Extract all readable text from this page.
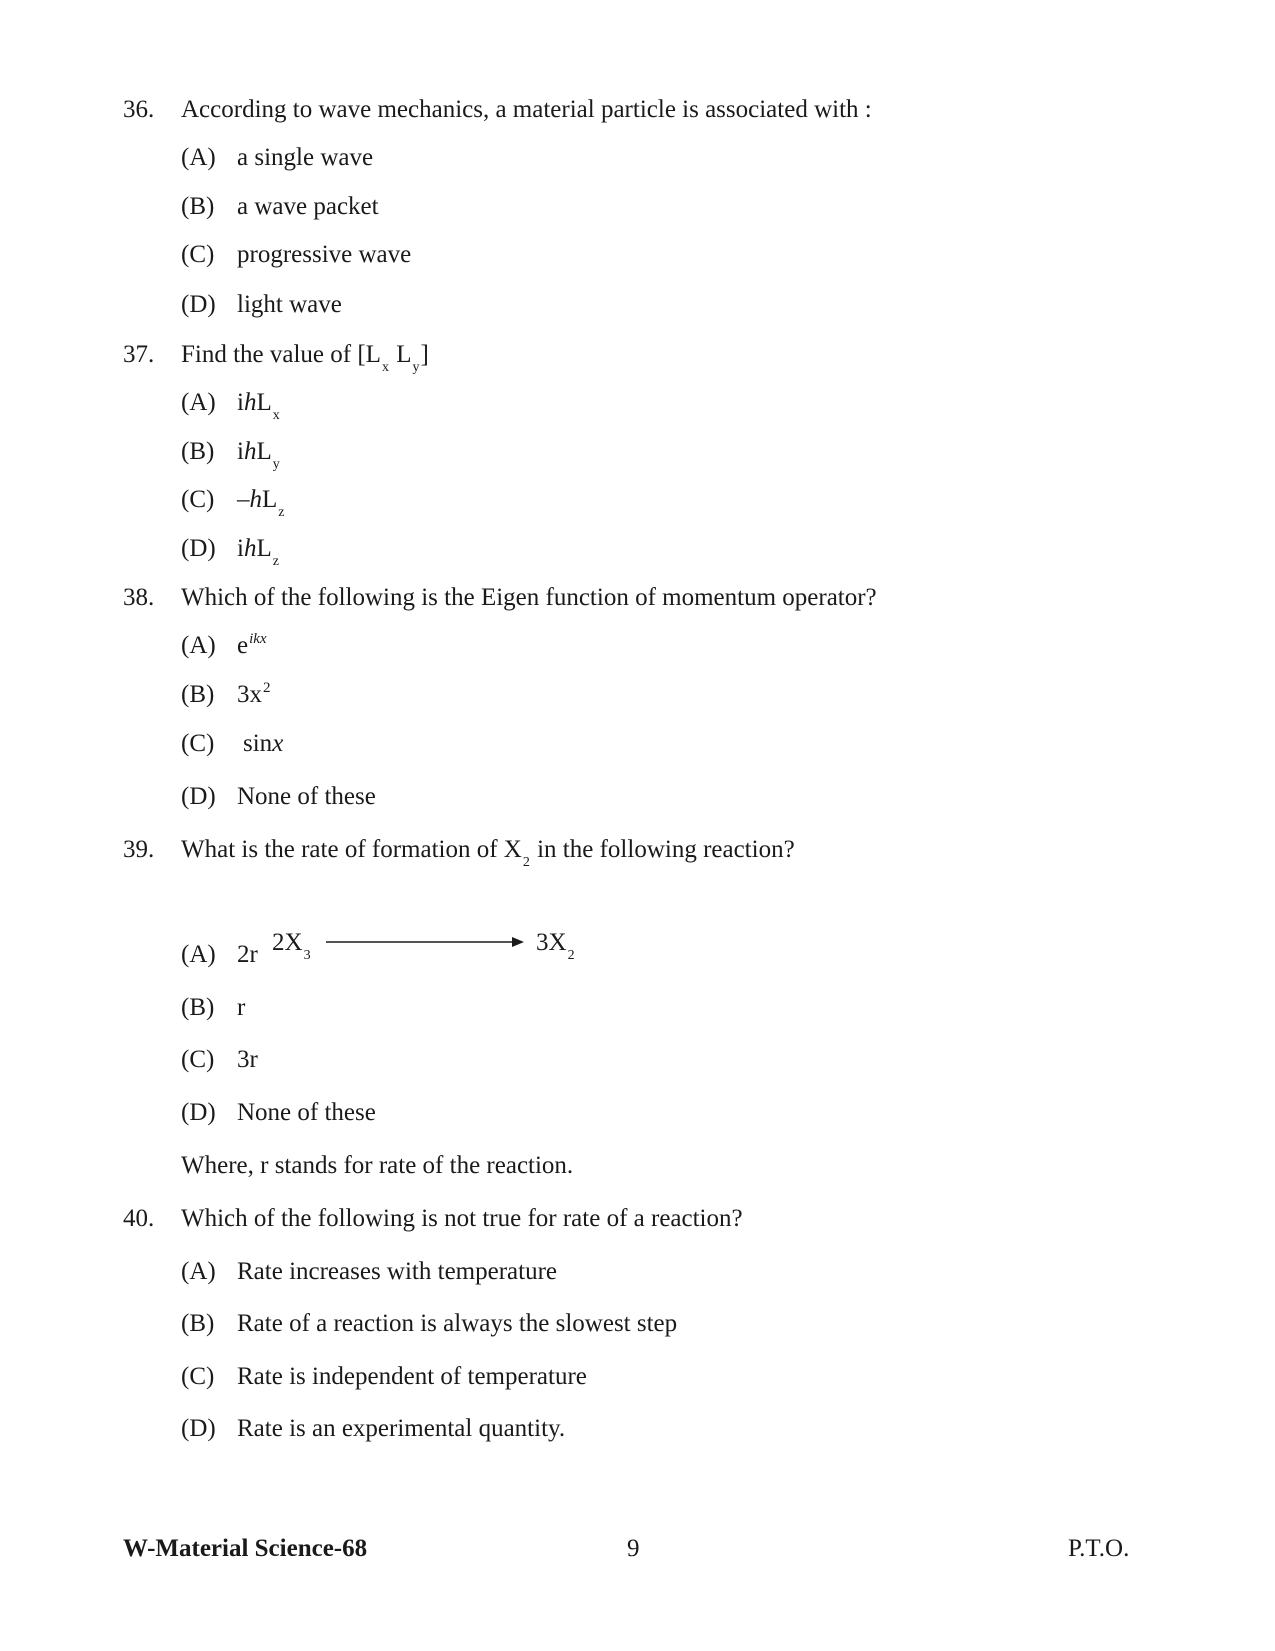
36. According to wave mechanics, a material particle is associated with :
(A) a single wave
(B) a wave packet
(C) progressive wave
(D) light wave
37. Find the value of [$L_x$ $L_y$]
(A) ihL$_x$
(B) ihL$_y$
(C) $-hL_z$
(D) ihL$_z$
38. Which of the following is the Eigen function of momentum operator?
(A) $e^{ikx}$
(B) $3x^2$
(C) sinx
(D) None of these
39. What is the rate of formation of $X_2$ in the following reaction?
$2X_3$	$3X_2$
(A) 2r
(B) r
(C) 3r
(D) None of these
Where, r stands for rate of the reaction.
40. Which of the following is not true for rate of a reaction?
(A) Rate increases with temperature
(B) Rate of a reaction is always the slowest step
(C) Rate is independent of temperature
(D) Rate is an experimental quantity.
W-Material Science-68	9	P.T.O.
